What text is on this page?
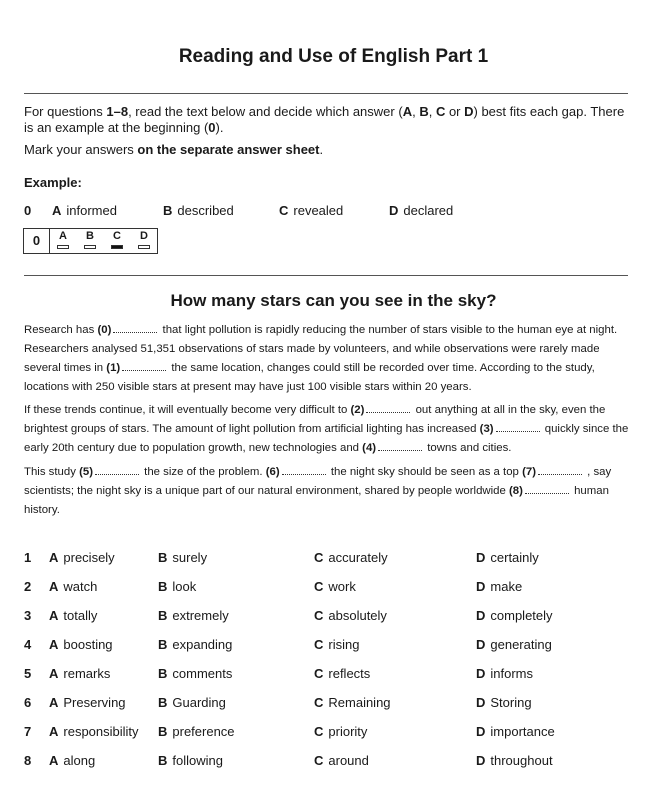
Reading and Use of English Part 1

For questions 1–8, read the text below and decide which answer (A, B, C or D) best fits each gap. There is an example at the beginning (0).

Mark your answers on the separate answer sheet.

Example:
0	A informed	B described	C revealed	D declared
0	A B C D
How many stars can you see in the sky?

Research has (0)	that light pollution is rapidly reducing the number of stars visible to the human eye at night. Researchers analysed 51,351 observations of stars made by volunteers, and while observations were rarely made several times in (1)	the same location, changes could still be recorded over time. According to the study, locations with 250 visible stars at present may have just 100 visible stars within 20 years.

If these trends continue, it will eventually become very difficult to (2)	out anything at all in the sky, even the brightest groups of stars. The amount of light pollution from artificial lighting has increased (3)	quickly since the early 20th century due to population growth, new technologies and (4)	towns and cities.

This study (5)	the size of the problem. (6)	the night sky should be seen as a top (7)	, say scientists; the night sky is a unique part of our natural environment, shared by people worldwide (8)	human history.

1 A precisely	B surely	C accurately	D certainly
2 A watch	B look	C work	D make
3 A totally	B extremely	C absolutely	D completely
4 A boosting	B expanding	C rising	D generating
5 A remarks	B comments	C reflects	D informs
6 A Preserving B Guarding	C Remaining	D Storing
7 A responsibility B preference	C priority	D importance
8 A along	B following	C around	D throughout
